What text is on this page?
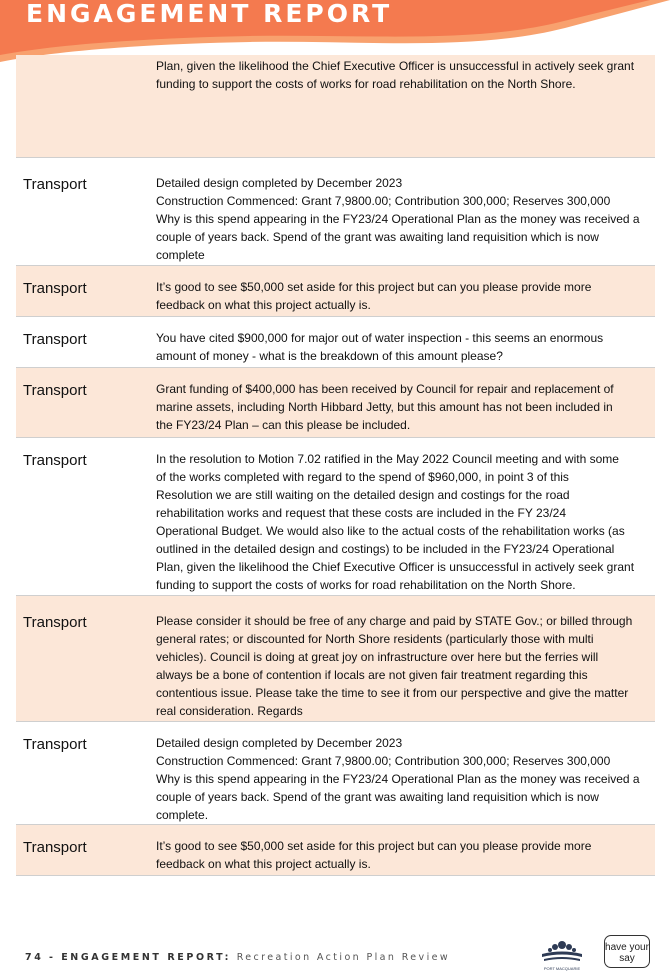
ENGAGEMENT REPORT

Plan, given the likelihood the Chief Executive Officer is unsuccessful in actively seek grant

funding to support the costs of works for road rehabilitation on the North Shore.

Transport	Detailed design completed by December 2023

Construction Commenced: Grant 7,9800.00; Contribution 300,000; Reserves 300,000

Why is this spend appearing in the FY23/24 Operational Plan as the money was received a

couple of years back. Spend of the grant was awaiting land requisition which is now

complete

Transport	It’s good to see $50,000 set aside for this project but can you please provide more

feedback on what this project actually is.

Transport	You have cited $900,000 for major out of water inspection - this seems an enormous

amount of money - what is the breakdown of this amount please?

Transport	Grant funding of $400,000 has been received by Council for repair and replacement of

marine assets, including North Hibbard Jetty, but this amount has not been included in

the FY23/24 Plan – can this please be included.

Transport	In the resolution to Motion 7.02 ratified in the May 2022 Council meeting and with some

of the works completed with regard to the spend of $960,000, in point 3 of this

Resolution we are still waiting on the detailed design and costings for the road

rehabilitation works and request that these costs are included in the FY 23/24

Operational Budget. We would also like to the actual costs of the rehabilitation works (as

outlined in the detailed design and costings) to be included in the FY23/24 Operational

Plan, given the likelihood the Chief Executive Officer is unsuccessful in actively seek grant

funding to support the costs of works for road rehabilitation on the North Shore.

Transport	Please consider it should be free of any charge and paid by STATE Gov.; or billed through

general rates; or discounted for North Shore residents (particularly those with multi

vehicles). Council is doing at great joy on infrastructure over here but the ferries will

always be a bone of contention if locals are not given fair treatment regarding this

contentious issue. Please take the time to see it from our perspective and give the matter

real consideration. Regards

Transport	Detailed design completed by December 2023

Construction Commenced: Grant 7,9800.00; Contribution 300,000; Reserves 300,000

Why is this spend appearing in the FY23/24 Operational Plan as the money was received a

couple of years back. Spend of the grant was awaiting land requisition which is now

complete.

Transport	It’s good to see $50,000 set aside for this project but can you please provide more

feedback on what this project actually is.

74 - ENGAGEMENT REPORT: Recreation Action Plan Review
PORT MACQUARIE
have your say
